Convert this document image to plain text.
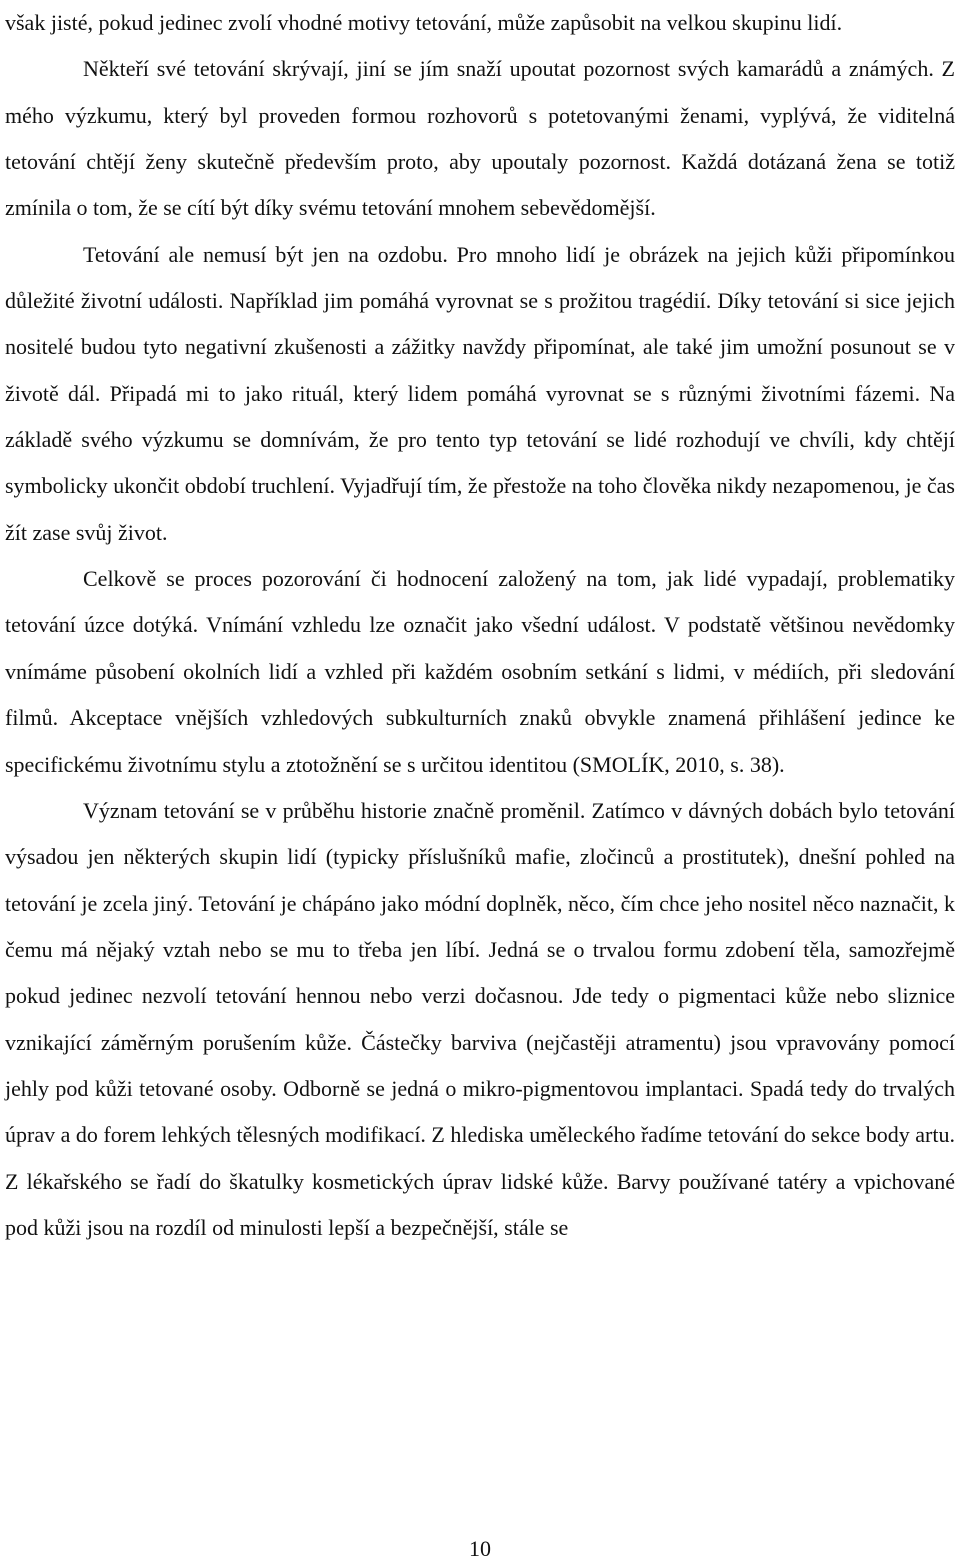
však jisté, pokud jedinec zvolí vhodné motivy tetování, může zapůsobit na velkou skupinu lidí.

Někteří své tetování skrývají, jiní se jím snaží upoutat pozornost svých kamarádů a známých. Z mého výzkumu, který byl proveden formou rozhovorů s potetovanými ženami, vyplývá, že viditelná tetování chtějí ženy skutečně především proto, aby upoutaly pozornost. Každá dotázaná žena se totiž zmínila o tom, že se cítí být díky svému tetování mnohem sebevědomější.

Tetování ale nemusí být jen na ozdobu. Pro mnoho lidí je obrázek na jejich kůži připomínkou důležité životní události. Například jim pomáhá vyrovnat se s prožitou tragédií. Díky tetování si sice jejich nositelé budou tyto negativní zkušenosti a zážitky navždy připomínat, ale také jim umožní posunout se v životě dál. Připadá mi to jako rituál, který lidem pomáhá vyrovnat se s různými životními fázemi. Na základě svého výzkumu se domnívám, že pro tento typ tetování se lidé rozhodují ve chvíli, kdy chtějí symbolicky ukončit období truchlení. Vyjadřují tím, že přestože na toho člověka nikdy nezapomenou, je čas žít zase svůj život.

Celkově se proces pozorování či hodnocení založený na tom, jak lidé vypadají, problematiky tetování úzce dotýká. Vnímání vzhledu lze označit jako všední událost. V podstatě většinou nevědomky vnímáme působení okolních lidí a vzhled při každém osobním setkání s lidmi, v médiích, při sledování filmů. Akceptace vnějších vzhledových subkulturních znaků obvykle znamená přihlášení jedince ke specifickému životnímu stylu a ztotožnění se s určitou identitou (SMOLÍK, 2010, s. 38).

Význam tetování se v průběhu historie značně proměnil. Zatímco v dávných dobách bylo tetování výsadou jen některých skupin lidí (typicky příslušníků mafie, zločinců a prostitutek), dnešní pohled na tetování je zcela jiný. Tetování je chápáno jako módní doplněk, něco, čím chce jeho nositel něco naznačit, k čemu má nějaký vztah nebo se mu to třeba jen líbí. Jedná se o trvalou formu zdobení těla, samozřejmě pokud jedinec nezvolí tetování hennou nebo verzi dočasnou. Jde tedy o pigmentaci kůže nebo sliznice vznikající záměrným porušením kůže. Částečky barviva (nejčastěji atramentu) jsou vpravovány pomocí jehly pod kůži tetované osoby. Odborně se jedná o mikro-pigmentovou implantaci. Spadá tedy do trvalých úprav a do forem lehkých tělesných modifikací. Z hlediska uměleckého řadíme tetování do sekce body artu. Z lékařského se řadí do škatulky kosmetických úprav lidské kůže. Barvy používané tatéry a vpichované pod kůži jsou na rozdíl od minulosti lepší a bezpečnější, stále se

10
